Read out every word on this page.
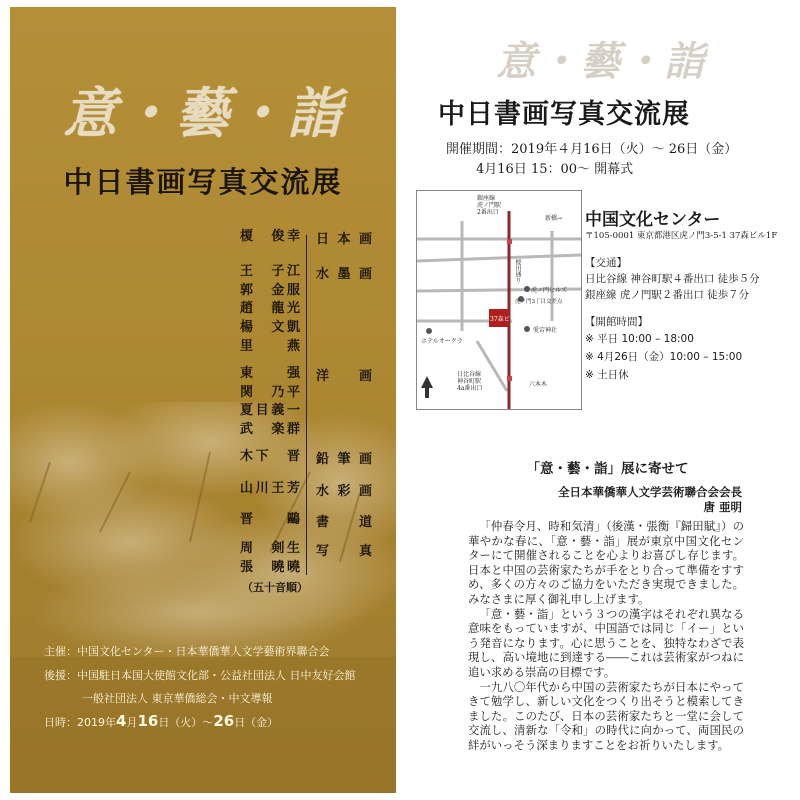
意・藝・詣
中日書画写真交流展
榎　俊幸 日本画
王　子江
郭　金服
趙　龍光
楊　文凱
里　　燕
水墨画
東　　强
関　乃平
夏目義一
武　楽群
洋画
木下　晋 鉛筆画
山川王芳 水彩画
晋　　鷗 書道
周　剣生
張　曉曉
写真
（五十音順）
主催：中国文化センター・日本華僑華人文学藝術界聯合会
後援：中国駐日本国大使館文化部・公益社団法人 日中友好会館
一般社団法人 東京華僑総会・中文導報
日時：2019年4月16日（火）～26日（金）
意・藝・詣
中日書画写真交流展
開催期間：2019年４月16日（火）～ 26日（金）
4月16日 15：00〜 開幕式
銀座線
虎ノ門駅
2番出口
新橋→
桜田通り
虎ノ門ヒルズ
虎ノ門3丁目交差点
37森ビル
ホテルオークラ
愛宕神社
日比谷線
神谷町駅
4a番出口
六本木
中国文化センター
〒105-0001 東京都港区虎ノ門3-5-1 37森ビル1F
【交通】
日比谷線 神谷町駅４番出口 徒歩５分
銀座線 虎ノ門駅２番出口 徒歩７分
【開館時間】
※ 平日 10:00 – 18:00
※ 4月26日（金）10:00 – 15:00
※ 土日休
「意・藝・詣」展に寄せて
全日本華僑華人文学芸術聯合会会長
唐 亜明

「仲春令月、時和気清」（後漢・張衡『歸田賦』）の華やかな春に、「意・藝・詣」展が東京中国文化センターにて開催されることを心よりお喜びし存じます。日本と中国の芸術家たちが手をとり合って準備をすすめ、多くの方々のご協力をいただき実現できました。みなさまに厚く御礼申し上げます。

「意・藝・詣」という３つの漢字はそれぞれ異なる意味をもっていますが、中国語では同じ「イー」という発音になります。心に思うことを、独特なわざで表現し、高い境地に到達する――これは芸術家がつねに追い求める崇高の目標です。

一九八〇年代から中国の芸術家たちが日本にやってきて勉学し、新しい文化をつくり出そうと模索してきました。このたび、日本の芸術家たちと一堂に会して交流し、清新な「令和」の時代に向かって、両国民の絆がいっそう深まりますことをお祈りいたします。
